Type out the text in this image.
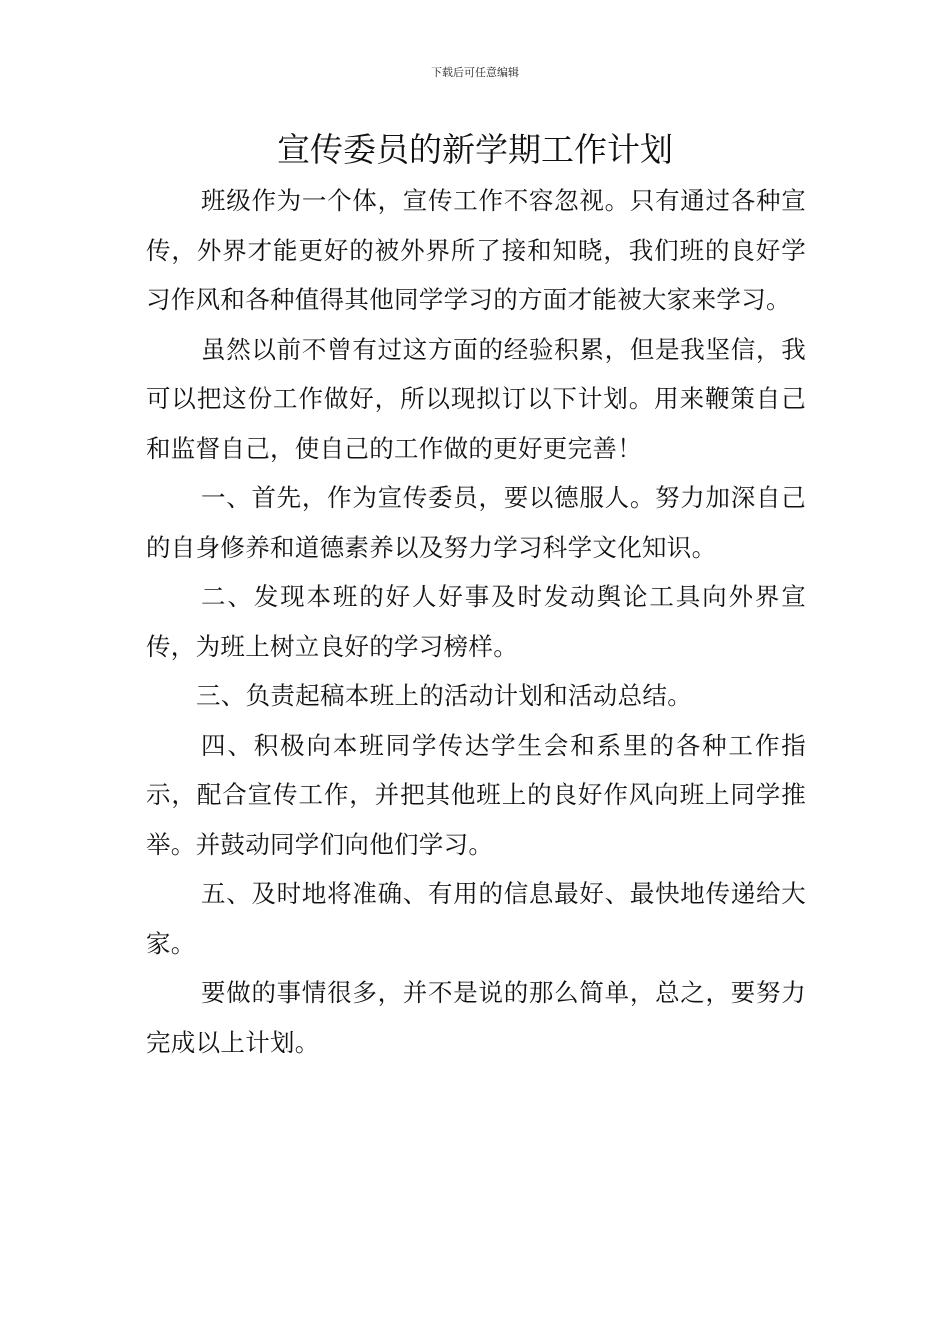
下载后可任意编辑
宣传委员的新学期工作计划

班级作为一个体，宣传工作不容忽视。只有通过各种宣传，外界才能更好的被外界所了接和知晓，我们班的良好学习作风和各种值得其他同学学习的方面才能被大家来学习。

虽然以前不曾有过这方面的经验积累，但是我坚信，我可以把这份工作做好，所以现拟订以下计划。用来鞭策自己和监督自己，使自己的工作做的更好更完善！

一、首先，作为宣传委员，要以德服人。努力加深自己的自身修养和道德素养以及努力学习科学文化知识。

二、发现本班的好人好事及时发动舆论工具向外界宣传，为班上树立良好的学习榜样。

三、负责起稿本班上的活动计划和活动总结。

四、积极向本班同学传达学生会和系里的各种工作指示，配合宣传工作，并把其他班上的良好作风向班上同学推举。并鼓动同学们向他们学习。

五、及时地将准确、有用的信息最好、最快地传递给大家。

要做的事情很多，并不是说的那么简单，总之，要努力完成以上计划。
